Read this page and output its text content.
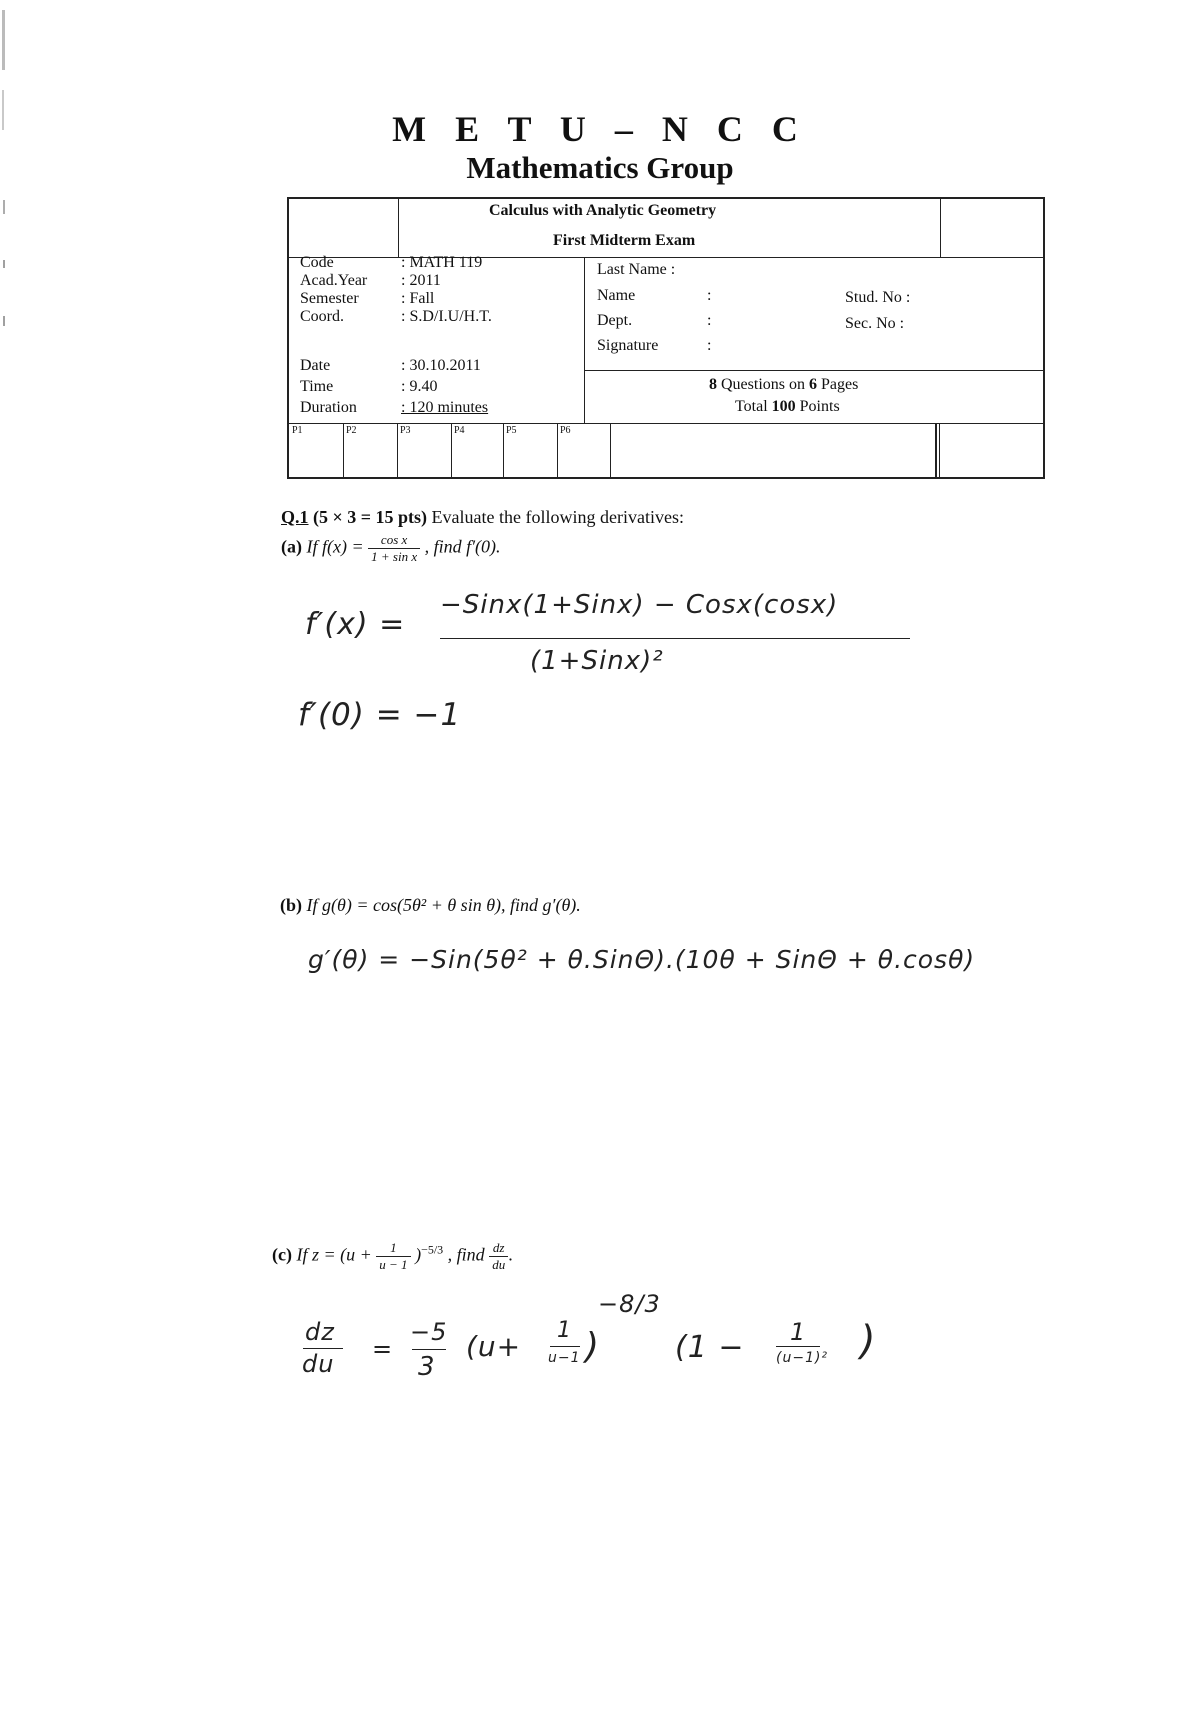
M E T U – N C C
Mathematics Group
Calculus with Analytic Geometry
First Midterm Exam
Code	: MATH 119
Acad.Year : 2011
Semester	: Fall
Coord.	: S.D/I.U/H.T.
Date	: 30.10.2011
Time	: 9.40
Duration	: 120 minutes
Last Name :
Name	:
Dept.	:
Signature	:
Stud. No :
Sec. No :
8 Questions on 6 Pages
Total 100 Points
P1	P2	P3	P4	P5	P6
Q.1 (5 × 3 = 15 pts) Evaluate the following derivatives:
(a) If $f(x) = \frac{\text{cos x}}{\text{1 + sin x}}$ , find f′(0).
f′(x) =
−Sinx(1+Sinx) − Cosx(cosx)
(1+Sinx)²
f′(0) = −1
(b) If g(θ) = cos(5θ² + θ sin θ), find g′(θ).
g′(θ) = −Sin(5θ² + θ.SinΘ).(10θ + SinΘ + θ.cosθ)
(c) If $z = (u + \frac{1}{u - 1} )^{-5/3}$ , find $\frac{dz}{du}$ .
dz
du
=
−5
3
(u+ 1
u−1 )
−8/3
(1 − 1
(u−1)² )
